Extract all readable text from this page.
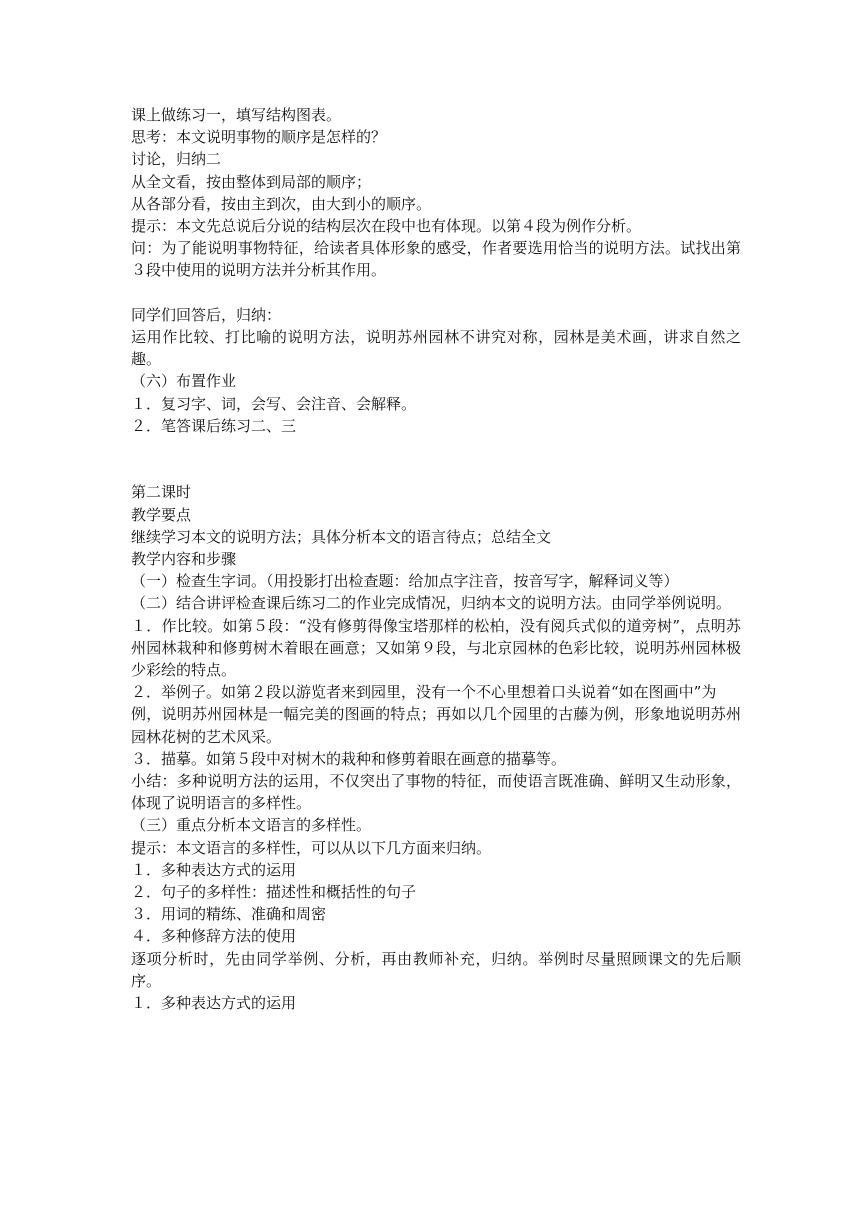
课上做练习一，填写结构图表。

思考：本文说明事物的顺序是怎样的？

讨论，归纳二

从全文看，按由整体到局部的顺序；

从各部分看，按由主到次，由大到小的顺序。

提示：本文先总说后分说的结构层次在段中也有体现。以第４段为例作分析。

问：为了能说明事物特征，给读者具体形象的感受，作者要选用恰当的说明方法。试找出第３段中使用的说明方法并分析其作用。

同学们回答后，归纳：

运用作比较、打比喻的说明方法，说明苏州园林不讲究对称，园林是美术画，讲求自然之 趣。

（六）布置作业

１．复习字、词，会写、会注音、会解释。

２．笔答课后练习二、三

第二课时

教学要点

继续学习本文的说明方法；具体分析本文的语言待点；总结全文

教学内容和步骤

（一）检查生字词。（用投影打出检查题：给加点字注音，按音写字，解释词义等）

（二）结合讲评检查课后练习二的作业完成情况，归纳本文的说明方法。由同学举例说明。

１．作比较。如第５段：“没有修剪得像宝塔那样的松柏，没有阅兵式似的道旁树”，点明苏州园林栽种和修剪树木着眼在画意；又如第９段，与北京园林的色彩比较，说明苏州园林极少彩绘的特点。

２．举例子。如第２段以游览者来到园里，没有一个不心里想着口头说着“如在图画中”为

例，说明苏州园林是一幅完美的图画的特点；再如以几个园里的古藤为例，形象地说明苏州园林花树的艺术风采。

３．描摹。如第５段中对树木的栽种和修剪着眼在画意的描摹等。

小结：多种说明方法的运用，不仅突出了事物的特征，而使语言既准确、鲜明又生动形象，体现了说明语言的多样性。

（三）重点分析本文语言的多样性。

提示：本文语言的多样性，可以从以下几方面来归纳。

１．多种表达方式的运用

２．句子的多样性：描述性和概括性的句子

３．用词的精练、准确和周密

４．多种修辞方法的使用

逐项分析时，先由同学举例、分析，再由教师补充，归纳。举例时尽量照顾课文的先后顺序。

１．多种表达方式的运用
